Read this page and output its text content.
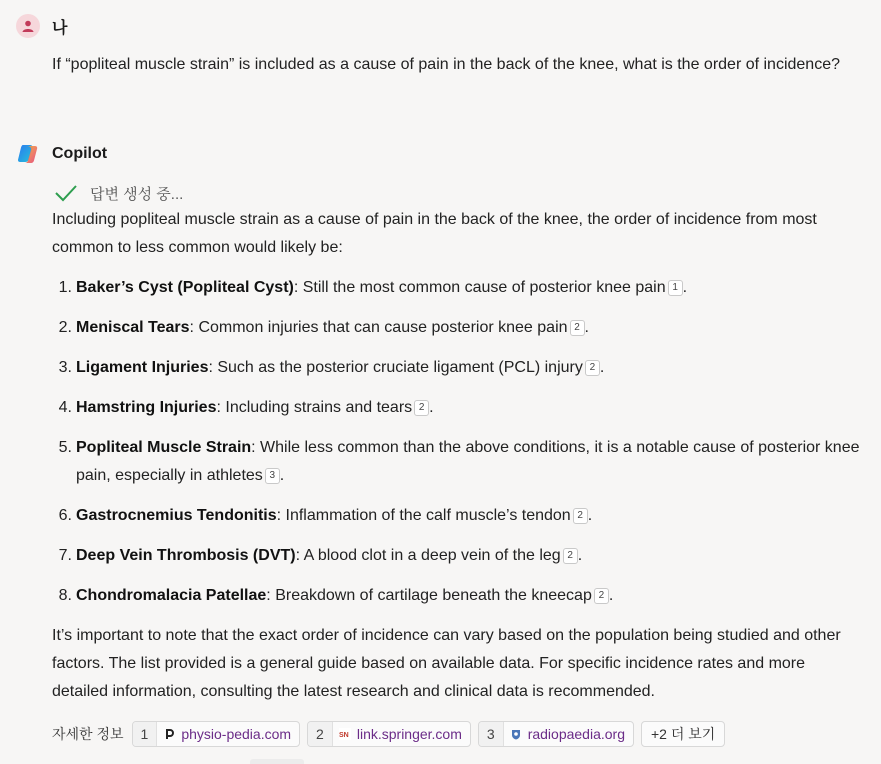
나
If “popliteal muscle strain” is included as a cause of pain in the back of the knee, what is the order of incidence?
Copilot
답변 생성 중...

Including popliteal muscle strain as a cause of pain in the back of the knee, the order of incidence from most common to less common would likely be:

1. Baker’s Cyst (Popliteal Cyst): Still the most common cause of posterior knee pain 1 .
2. Meniscal Tears: Common injuries that can cause posterior knee pain 2 .
3. Ligament Injuries: Such as the posterior cruciate ligament (PCL) injury 2 .
4. Hamstring Injuries: Including strains and tears 2 .
5. Popliteal Muscle Strain: While less common than the above conditions, it is a notable cause of posterior knee pain, especially in athletes 3 .
6. Gastrocnemius Tendonitis: Inflammation of the calf muscle’s tendon 2 .
7. Deep Vein Thrombosis (DVT): A blood clot in a deep vein of the leg 2 .
8. Chondromalacia Patellae: Breakdown of cartilage beneath the kneecap 2 .

It’s important to note that the exact order of incidence can vary based on the population being studied and other factors. The list provided is a general guide based on available data. For specific incidence rates and more detailed information, consulting the latest research and clinical data is recommended.

자세한 정보	1	physio-pedia.com	2	SN link.springer.com	3	radiopaedia.org	+2 더 보기
